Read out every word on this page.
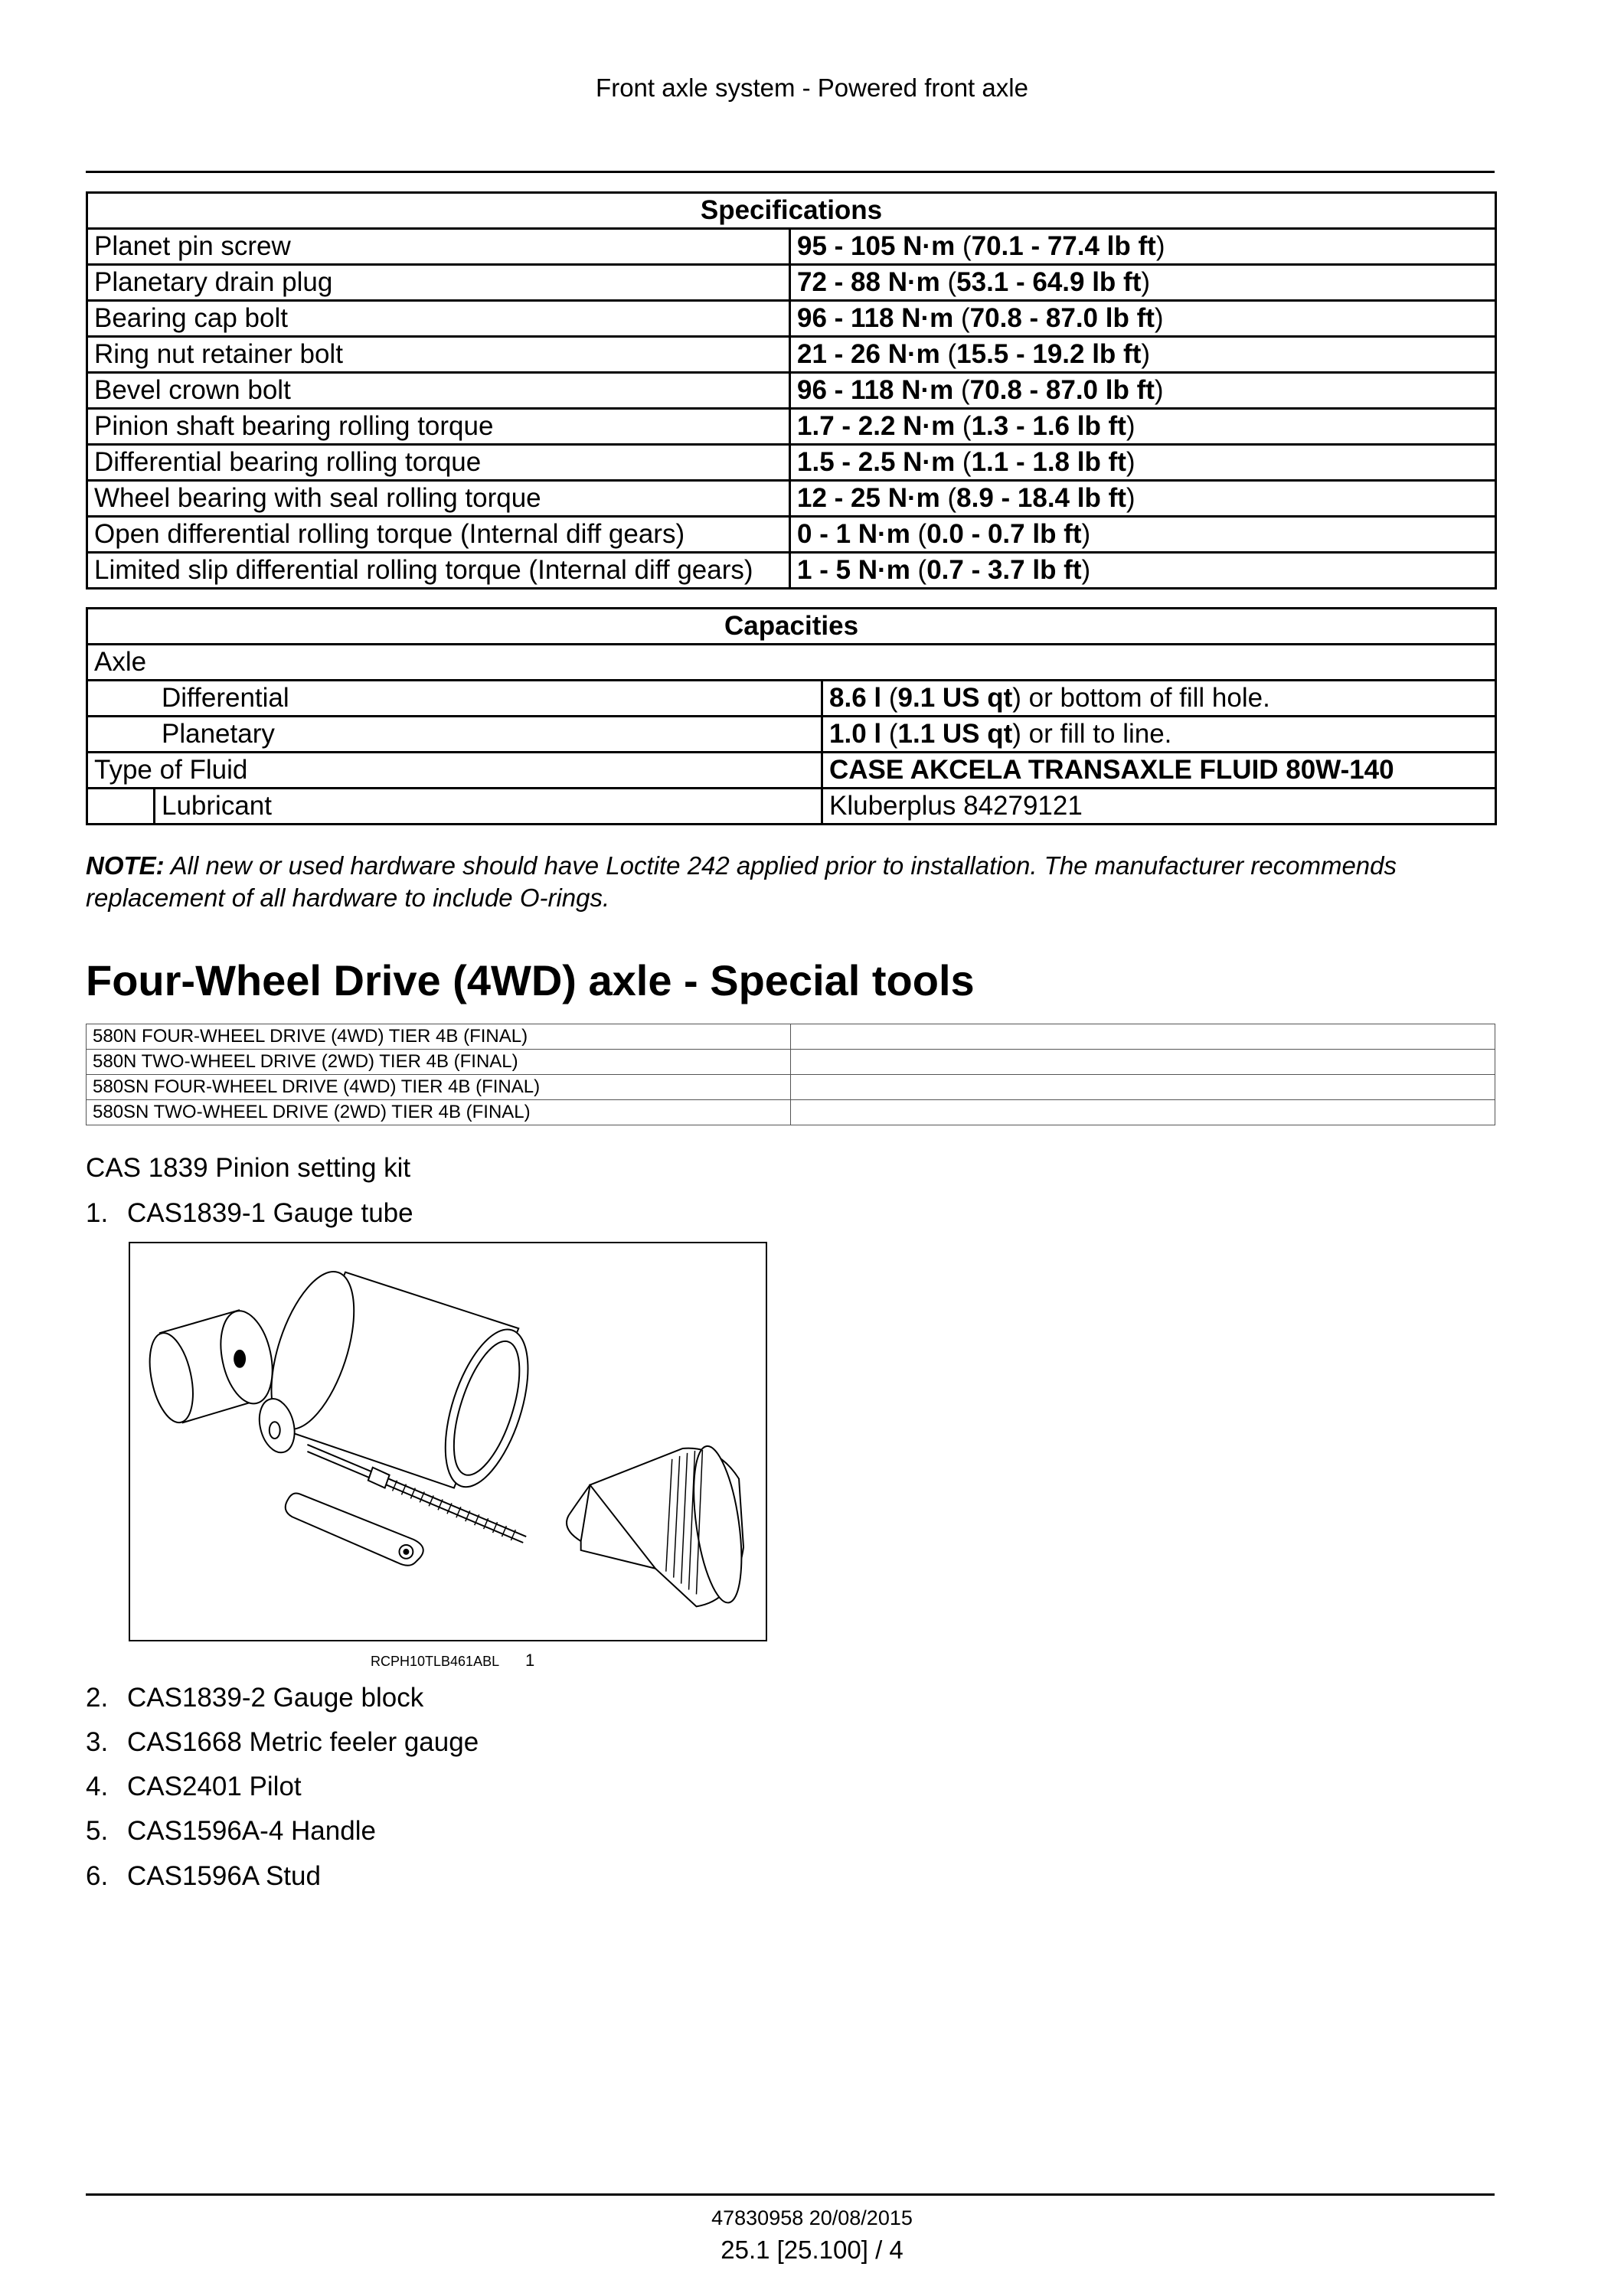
Front axle system - Powered front axle
Specifications	
Planet pin screw	95 - 105 N·m (70.1 - 77.4 lb ft)
Planetary drain plug	72 - 88 N·m (53.1 - 64.9 lb ft)
Bearing cap bolt	96 - 118 N·m (70.8 - 87.0 lb ft)
Ring nut retainer bolt	21 - 26 N·m (15.5 - 19.2 lb ft)
Bevel crown bolt	96 - 118 N·m (70.8 - 87.0 lb ft)
Pinion shaft bearing rolling torque	1.7 - 2.2 N·m (1.3 - 1.6 lb ft)
Differential bearing rolling torque	1.5 - 2.5 N·m (1.1 - 1.8 lb ft)
Wheel bearing with seal rolling torque	12 - 25 N·m (8.9 - 18.4 lb ft)
Open differential rolling torque (Internal diff gears)	0 - 1 N·m (0.0 - 0.7 lb ft)
Limited slip differential rolling torque (Internal diff gears)	1 - 5 N·m (0.7 - 3.7 lb ft)
Capacities		
Axle		
Differential		8.6 l (9.1 US qt) or bottom of fill hole.
Planetary		1.0 l (1.1 US qt) or fill to line.
Type of Fluid		CASE AKCELA TRANSAXLE FLUID 80W-140
	Lubricant	Kluberplus 84279121
NOTE: All new or used hardware should have Loctite 242 applied prior to installation. The manufacturer recommends
replacement of all hardware to include O-rings.
Four-Wheel Drive (4WD) axle - Special tools
580N FOUR-WHEEL DRIVE (4WD) TIER 4B (FINAL)	
580N TWO-WHEEL DRIVE (2WD) TIER 4B (FINAL)	
580SN FOUR-WHEEL DRIVE (4WD) TIER 4B (FINAL)	
580SN TWO-WHEEL DRIVE (2WD) TIER 4B (FINAL)	
CAS 1839 Pinion setting kit
1. CAS1839-1 Gauge tube
2. CAS1839-2 Gauge block
3. CAS1668 Metric feeler gauge
4. CAS2401 Pilot
5. CAS1596A-4 Handle
6. CAS1596A Stud
RCPH10TLB461ABL 1
47830958 20/08/2015
25.1 [25.100] / 4
